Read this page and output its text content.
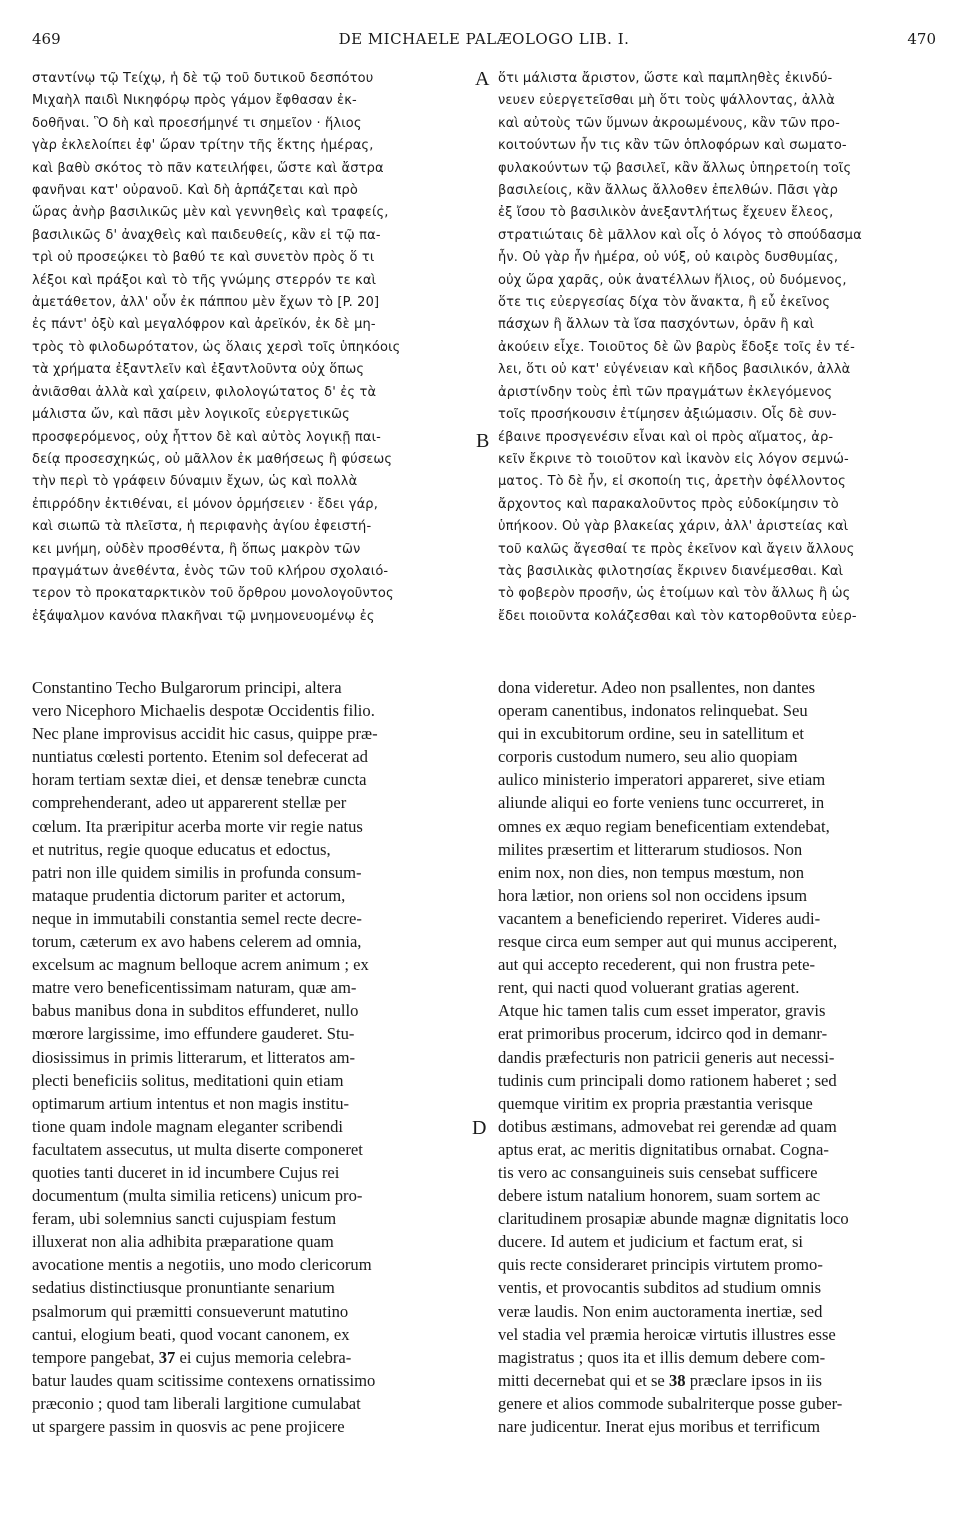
469	DE MICHAELE PALÆOLOGO LIB. I.	470
σταντίνῳ τῷ Τείχῳ, ἡ δὲ τῷ τοῦ δυτικοῦ δεσπότου
Μιχαὴλ παιδὶ Νικηφόρῳ πρὸς γάμον ἔφθασαν ἐκ-
δοθῆναι. Ὃ δὴ καὶ προεσήμηνέ τι σημεῖον · ἥλιος
γὰρ ἐκλελοίπει ἐφ' ὥραν τρίτην τῆς ἕκτης ἡμέρας,
καὶ βαθὺ σκότος τὸ πᾶν κατειλήφει, ὥστε καὶ ἄστρα
φανῆναι κατ' οὐρανοῦ. Καὶ δὴ ἁρπάζεται καὶ πρὸ
ὥρας ἀνὴρ βασιλικῶς μὲν καὶ γεννηθεὶς καὶ τραφείς,
βασιλικῶς δ' ἀναχθεὶς καὶ παιδευθείς, κἂν εἰ τῷ πα-
τρὶ οὐ προσεῴκει τὸ βαθύ τε καὶ συνετὸν πρὸς ὅ τι
λέξοι καὶ πράξοι καὶ τὸ τῆς γνώμης στερρόν τε καὶ
ἀμετάθετον, ἀλλ' οὖν ἐκ πάππου μὲν ἔχων τὸ [P. 20]
ἐς πάντ' ὀξὺ καὶ μεγαλόφρον καὶ ἀρεϊκόν, ἐκ δὲ μη-
τρὸς τὸ φιλοδωρότατον, ὡς ὅλαις χερσὶ τοῖς ὑπηκόοις
τὰ χρήματα ἐξαντλεῖν καὶ ἐξαντλοῦντα οὐχ ὅπως
ἀνιᾶσθαι ἀλλὰ καὶ χαίρειν, φιλολογώτατος δ' ἐς τὰ
μάλιστα ὤν, καὶ πᾶσι μὲν λογικοῖς εὐεργετικῶς
προσφερόμενος, οὐχ ἧττον δὲ καὶ αὐτὸς λογικῇ παι-
δείᾳ προσεσχηκώς, οὐ μᾶλλον ἐκ μαθήσεως ἢ φύσεως
τὴν περὶ τὸ γράφειν δύναμιν ἔχων, ὡς καὶ πολλὰ
ἐπιρρόδην ἐκτιθέναι, εἰ μόνον ὁρμήσειεν · ἔδει γάρ,
καὶ σιωπῶ τὰ πλεῖστα, ἡ περιφανὴς ἁγίου ἐφειστή-
κει μνήμη, οὐδὲν προσθέντα, ἢ ὅπως μακρὸν τῶν
πραγμάτων ἀνεθέντα, ἑνὸς τῶν τοῦ κλήρου σχολαιό-
τερον τὸ προκαταρκτικὸν τοῦ ὄρθρου μονολογοῦντος
ἐξάψαλμον κανόνα πλακῆναι τῷ μνημονευομένῳ ἐς
ὅτι μάλιστα ἄριστον, ὥστε καὶ παμπληθὲς ἐκινδύ-
νευεν εὐεργετεῖσθαι μὴ ὅτι τοὺς ψάλλοντας, ἀλλὰ
καὶ αὐτοὺς τῶν ὕμνων ἀκροωμένους, κἂν τῶν προ-
κοιτούντων ἦν τις κἂν τῶν ὁπλοφόρων καὶ σωματο-
φυλακούντων τῷ βασιλεῖ, κἂν ἄλλως ὑπηρετοίη τοῖς
βασιλείοις, κἂν ἄλλως ἄλλοθεν ἐπελθών. Πᾶσι γὰρ
ἐξ ἴσου τὸ βασιλικὸν ἀνεξαντλήτως ἔχευεν ἔλεος,
στρατιώταις δὲ μᾶλλον καὶ οἷς ὁ λόγος τὸ σπούδασμα
ἦν. Οὐ γὰρ ἦν ἡμέρα, οὐ νύξ, οὐ καιρὸς δυσθυμίας,
οὐχ ὥρα χαρᾶς, οὐκ ἀνατέλλων ἥλιος, οὐ δυόμενος,
ὅτε τις εὐεργεσίας δίχα τὸν ἄνακτα, ἢ εὖ ἐκεῖνος
πάσχων ἢ ἄλλων τὰ ἴσα πασχόντων, ὁρᾶν ἢ καὶ
ἀκούειν εἶχε. Τοιοῦτος δὲ ὢν βαρὺς ἔδοξε τοῖς ἐν τέ-
λει, ὅτι οὐ κατ' εὐγένειαν καὶ κῆδος βασιλικόν, ἀλλὰ
ἀριστίνδην τοὺς ἐπὶ τῶν πραγμάτων ἐκλεγόμενος
τοῖς προσήκουσιν ἐτίμησεν ἀξιώμασιν. Οἷς δὲ συν-
έβαινε προσγενέσιν εἶναι καὶ οἱ πρὸς αἵματος, ἀρ-
κεῖν ἔκρινε τὸ τοιοῦτον καὶ ἱκανὸν εἰς λόγον σεμνώ-
ματος. Τὸ δὲ ἦν, εἰ σκοποίη τις, ἀρετὴν ὀφέλλοντος
ἄρχοντος καὶ παρακαλοῦντος πρὸς εὐδοκίμησιν τὸ
ὑπήκοον. Οὐ γὰρ βλακείας χάριν, ἀλλ' ἀριστείας καὶ
τοῦ καλῶς ἄγεσθαί τε πρὸς ἐκεῖνον καὶ ἄγειν ἄλλους
τὰς βασιλικὰς φιλοτησίας ἔκρινεν διανέμεσθαι. Καὶ
τὸ φοβερὸν προσῆν, ὡς ἑτοίμων καὶ τὸν ἄλλως ἢ ὡς
ἔδει ποιοῦντα κολάζεσθαι καὶ τὸν κατορθοῦντα εὐερ-
Constantino Techo Bulgarorum principi, altera
vero Nicephoro Michaelis despotæ Occidentis filio.
Nec plane improvisus accidit hic casus, quippe præ-
nuntiatus cœlesti portento. Etenim sol defecerat ad
horam tertiam sextæ diei, et densæ tenebræ cuncta
comprehenderant, adeo ut apparerent stellæ per
cœlum. Ita præripitur acerba morte vir regie natus
et nutritus, regie quoque educatus et edoctus,
patri non ille quidem similis in profunda consum-
mataque prudentia dictorum pariter et actorum,
neque in immutabili constantia semel recte decre-
torum, cæterum ex avo habens celerem ad omnia,
excelsum ac magnum belloque acrem animum ; ex
matre vero beneficentissimam naturam, quæ am-
babus manibus dona in subditos effunderet, nullo
mœrore largissime, imo effundere gauderet. Stu-
diosissimus in primis litterarum, et litteratos am-
plecti beneficiis solitus, meditationi quin etiam
optimarum artium intentus et non magis institu-
tione quam indole magnam eleganter scribendi
facultatem assecutus, ut multa diserte componeret
quoties tanti duceret in id incumbere Cujus rei
documentum (multa similia reticens) unicum pro-
feram, ubi solemnius sancti cujuspiam festum
illuxerat non alia adhibita præparatione quam
avocatione mentis a negotiis, uno modo clericorum
sedatius distinctiusque pronuntiante senarium
psalmorum qui præmitti consueverunt matutino
cantui, elogium beati, quod vocant canonem, ex
tempore pangebat, 37 ei cujus memoria celebra-
batur laudes quam scitissime contexens ornatissimo
præconio ; quod tam liberali largitione cumulabat
ut spargere passim in quosvis ac pene projicere
dona videretur. Adeo non psallentes, non dantes
operam canentibus, indonatos relinquebat. Seu
qui in excubitorum ordine, seu in satellitum et
corporis custodum numero, seu alio quopiam
aulico ministerio imperatori appareret, sive etiam
aliunde aliqui eo forte veniens tunc occurreret, in
omnes ex æquo regiam beneficentiam extendebat,
milites præsertim et litterarum studiosos. Non
enim nox, non dies, non tempus mœstum, non
hora lætior, non oriens sol non occidens ipsum
vacantem a beneficiendo reperiret. Videres audi-
resque circa eum semper aut qui munus acciperent,
aut qui accepto recederent, qui non frustra pete-
rent, qui nacti quod voluerant gratias agerent.
Atque hic tamen talis cum esset imperator, gravis
erat primoribus procerum, idcirco qod in demanr-
dandis præfecturis non patricii generis aut necessi-
tudinis cum principali domo rationem haberet ; sed
quemque viritim ex propria præstantia verisque
dotibus æstimans, admovebat rei gerendæ ad quam
aptus erat, ac meritis dignitatibus ornabat. Cogna-
tis vero ac consanguineis suis censebat sufficere
debere istum natalium honorem, suam sortem ac
claritudinem prosapiæ abunde magnæ dignitatis loco
ducere. Id autem et judicium et factum erat, si
quis recte consideraret principis virtutem promo-
ventis, et provocantis subditos ad studium omnis
veræ laudis. Non enim auctoramenta inertiæ, sed
vel stadia vel præmia heroicæ virtutis illustres esse
magistratus ; quos ita et illis demum debere com-
mitti decernebat qui et se 38 præclare ipsos in iis
genere et alios commode subalriterque posse guber-
nare judicentur. Inerat ejus moribus et terrificum
A
B
D
